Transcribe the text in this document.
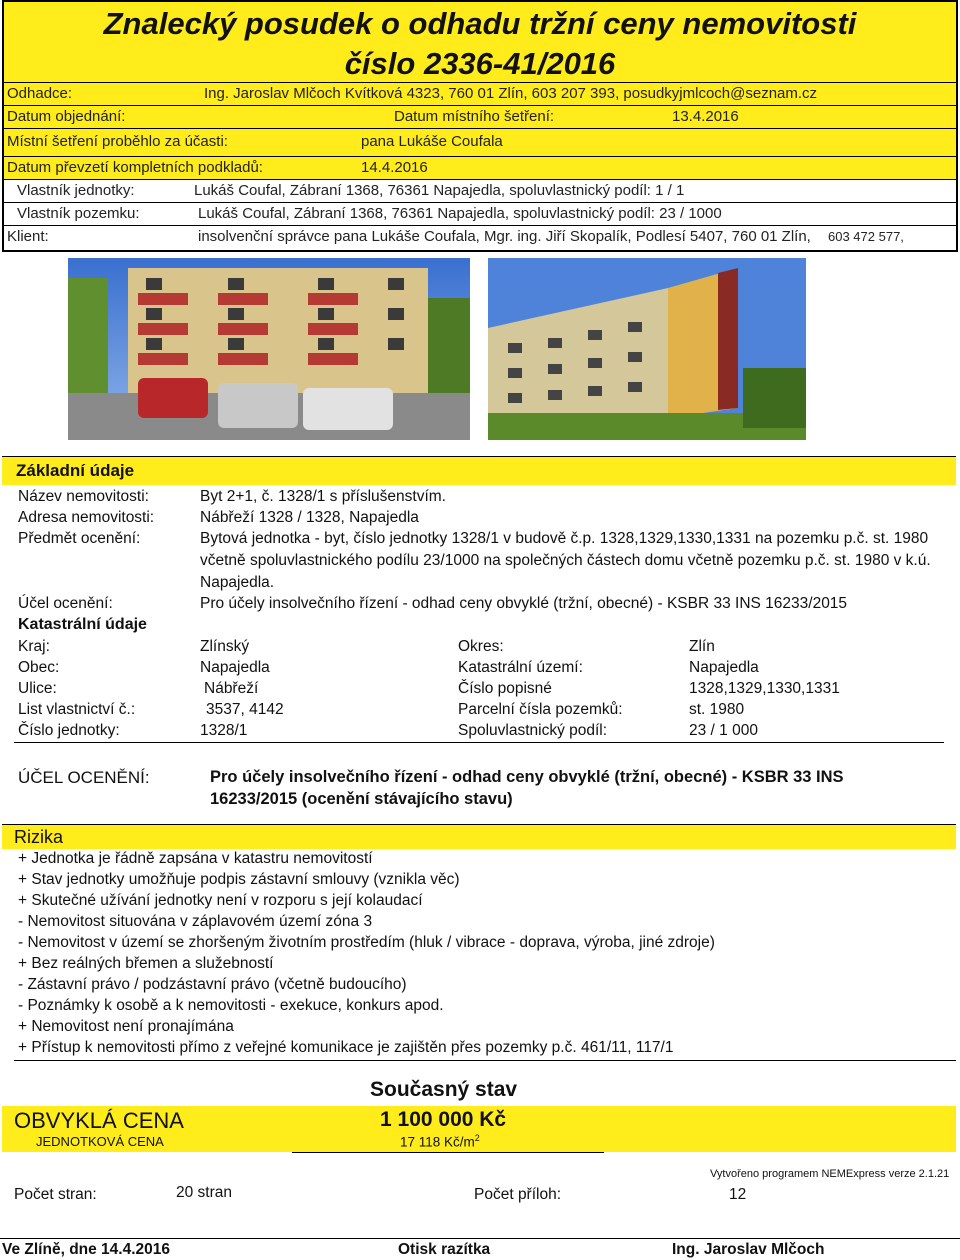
Znalecký posudek o odhadu tržní ceny nemovitosti
číslo 2336-41/2016
Odhadce:	Ing. Jaroslav Mlčoch Kvítková 4323, 760 01 Zlín, 603 207 393, posudkyjmlcoch@seznam.cz
Datum objednání:	Datum místního šetření:	13.4.2016
Místní šetření proběhlo za účasti:	pana Lukáše Coufala
Datum převzetí kompletních podkladů:	14.4.2016
Vlastník jednotky:	Lukáš Coufal, Zábraní 1368, 76361 Napajedla, spoluvlastnický podíl: 1 / 1
Vlastník pozemku:	Lukáš Coufal, Zábraní 1368, 76361 Napajedla, spoluvlastnický podíl: 23 / 1000
Klient:	insolvenční správce pana Lukáše Coufala, Mgr. ing. Jiří Skopalík, Podlesí 5407, 760 01 Zlín, 603 472 577,
Základní údaje
Název nemovitosti:	Byt 2+1, č. 1328/1 s příslušenstvím.
Adresa nemovitosti:	Nábřeží 1328 / 1328, Napajedla
Předmět ocenění:	Bytová jednotka - byt, číslo jednotky 1328/1 v budově č.p. 1328,1329,1330,1331 na pozemku p.č. st. 1980
včetně spoluvlastnického podílu 23/1000 na společných částech domu včetně pozemku p.č. st. 1980 v k.ú.
Napajedla.
Účel ocenění:	Pro účely insolvečního řízení - odhad ceny obvyklé (tržní, obecné) - KSBR 33 INS 16233/2015
Katastrální údaje
Kraj:	Zlínský	Okres:	Zlín
Obec:	Napajedla	Katastrální území:	Napajedla
Ulice:	Nábřeží	Číslo popisné	1328,1329,1330,1331
List vlastnictví č.:	3537, 4142	Parcelní čísla pozemků:	st. 1980
Číslo jednotky:	1328/1	Spoluvlastnický podíl:	23 / 1 000
ÚČEL OCENĚNÍ:	Pro účely insolvečního řízení - odhad ceny obvyklé (tržní, obecné) - KSBR 33 INS
16233/2015 (ocenění stávajícího stavu)
Rizika
+ Jednotka je řádně zapsána v katastru nemovitostí
+ Stav jednotky umožňuje podpis zástavní smlouvy (vznikla věc)
+ Skutečné užívání jednotky není v rozporu s její kolaudací
- Nemovitost situována v záplavovém území zóna 3
- Nemovitost v území se zhoršeným životním prostředím (hluk / vibrace - doprava, výroba, jiné zdroje)
+ Bez reálných břemen a služebností
- Zástavní právo / podzástavní právo (včetně budoucího)
- Poznámky k osobě a k nemovitosti - exekuce, konkurs apod.
+ Nemovitost není pronajímána
+ Přístup k nemovitosti přímo z veřejné komunikace je zajištěn přes pozemky p.č. 461/11, 117/1
Současný stav
OBVYKLÁ CENA	1 100 000 Kč
JEDNOTKOVÁ CENA	17 118 $Kč/m^2$
Vytvořeno programem NEMExpress verze 2.1.21
Počet stran:	20 stran	Počet příloh:	12
Ve Zlíně, dne 14.4.2016	Otisk razítka	Ing. Jaroslav Mlčoch
